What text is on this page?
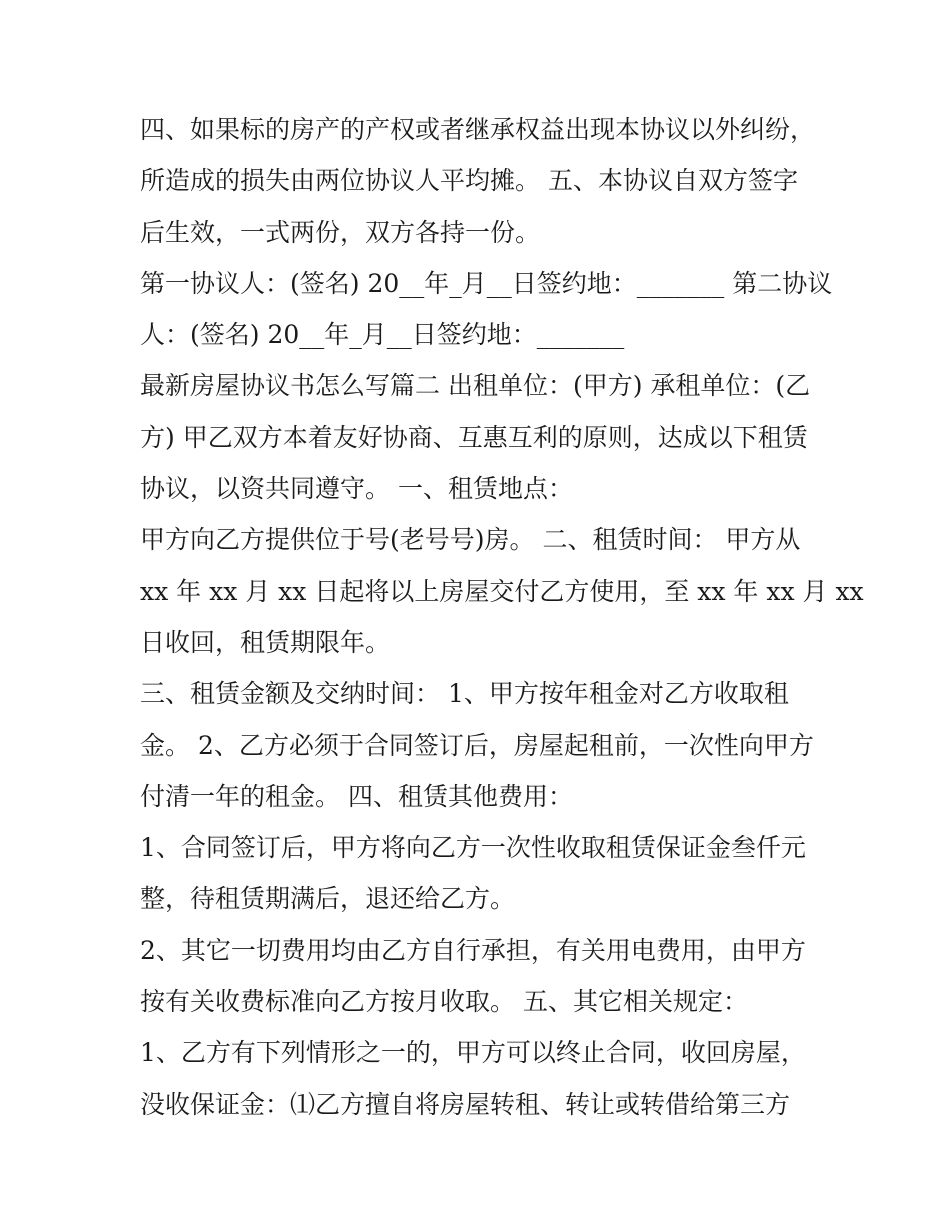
四、如果标的房产的产权或者继承权益出现本协议以外纠纷，
所造成的损失由两位协议人平均摊。 五、本协议自双方签字
后生效，一式两份，双方各持一份。
第一协议人：(签名) 20__年_月__日签约地：_______ 第二协议
人：(签名) 20__年_月__日签约地：_______
最新房屋协议书怎么写篇二 出租单位：(甲方) 承租单位：(乙
方) 甲乙双方本着友好协商、互惠互利的原则，达成以下租赁
协议，以资共同遵守。 一、租赁地点：
甲方向乙方提供位于号(老号号)房。 二、租赁时间： 甲方从
xx 年 xx 月 xx 日起将以上房屋交付乙方使用，至 xx 年 xx 月 xx
日收回，租赁期限年。
三、租赁金额及交纳时间： 1、甲方按年租金对乙方收取租
金。 2、乙方必须于合同签订后，房屋起租前，一次性向甲方
付清一年的租金。 四、租赁其他费用：
1、合同签订后，甲方将向乙方一次性收取租赁保证金叁仟元
整，待租赁期满后，退还给乙方。
2、其它一切费用均由乙方自行承担，有关用电费用，由甲方
按有关收费标准向乙方按月收取。 五、其它相关规定：
1、乙方有下列情形之一的，甲方可以终止合同，收回房屋，
没收保证金：⑴乙方擅自将房屋转租、转让或转借给第三方
